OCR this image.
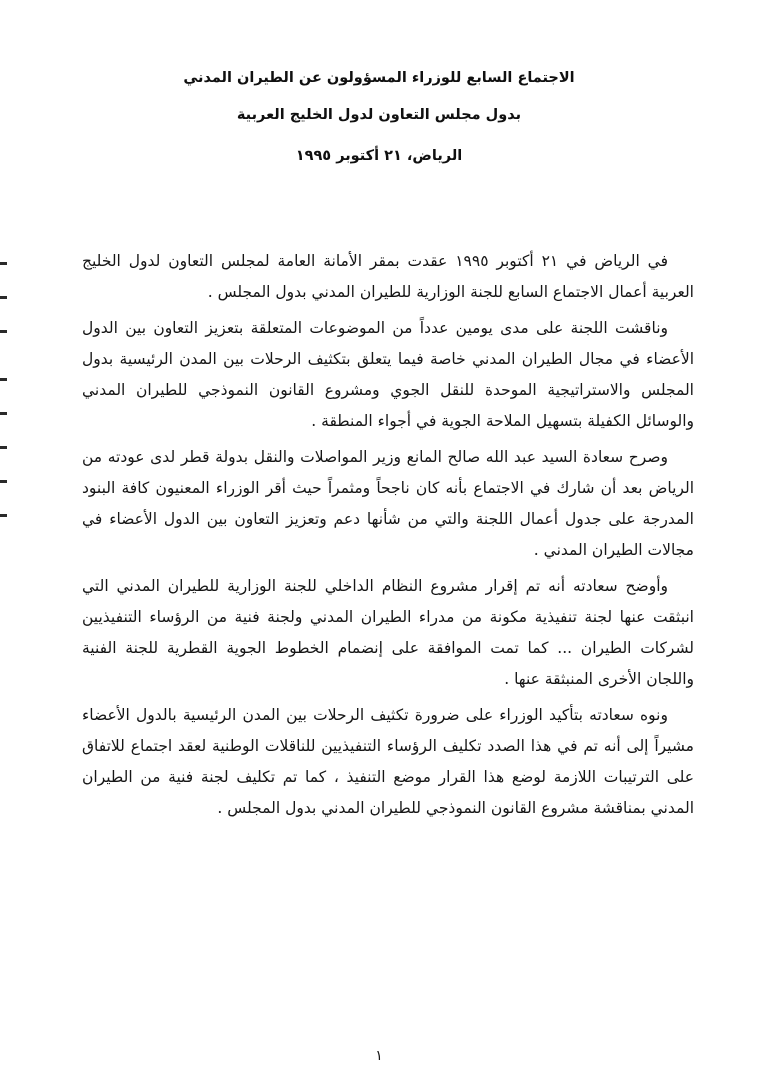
الاجتماع السابع للوزراء المسؤولون عن الطيران المدني
بدول مجلس التعاون لدول الخليج العربية
الرياض، ٢١ أكتوبر ١٩٩٥

في الرياض في ٢١ أكتوبر ١٩٩٥ عقدت بمقر الأمانة العامة لمجلس التعاون لدول الخليج العربية أعمال الاجتماع السابع للجنة الوزارية للطيران المدني بدول المجلس .

وناقشت اللجنة على مدى يومين عدداً من الموضوعات المتعلقة بتعزيز التعاون بين الدول الأعضاء في مجال الطيران المدني خاصة فيما يتعلق بتكثيف الرحلات بين المدن الرئيسية بدول المجلس والاستراتيجية الموحدة للنقل الجوي ومشروع القانون النموذجي للطيران المدني والوسائل الكفيلة بتسهيل الملاحة الجوية في أجواء المنطقة .

وصرح سعادة السيد عبد الله صالح المانع وزير المواصلات والنقل بدولة قطر لدى عودته من الرياض بعد أن شارك في الاجتماع بأنه كان ناجحاً ومثمراً حيث أقر الوزراء المعنيون كافة البنود المدرجة على جدول أعمال اللجنة والتي من شأنها دعم وتعزيز التعاون بين الدول الأعضاء في مجالات الطيران المدني .

وأوضح سعادته أنه تم إقرار مشروع النظام الداخلي للجنة الوزارية للطيران المدني التي انبثقت عنها لجنة تنفيذية مكونة من مدراء الطيران المدني ولجنة فنية من الرؤساء التنفيذيين لشركات الطيران ... كما تمت الموافقة على إنضمام الخطوط الجوية القطرية للجنة الفنية واللجان الأخرى المنبثقة عنها .

ونوه سعادته بتأكيد الوزراء على ضرورة تكثيف الرحلات بين المدن الرئيسية بالدول الأعضاء مشيراً إلى أنه تم في هذا الصدد تكليف الرؤساء التنفيذيين للناقلات الوطنية لعقد اجتماع للاتفاق على الترتيبات اللازمة لوضع هذا القرار موضع التنفيذ ، كما تم تكليف لجنة فنية من الطيران المدني بمناقشة مشروع القانون النموذجي للطيران المدني بدول المجلس .

١
